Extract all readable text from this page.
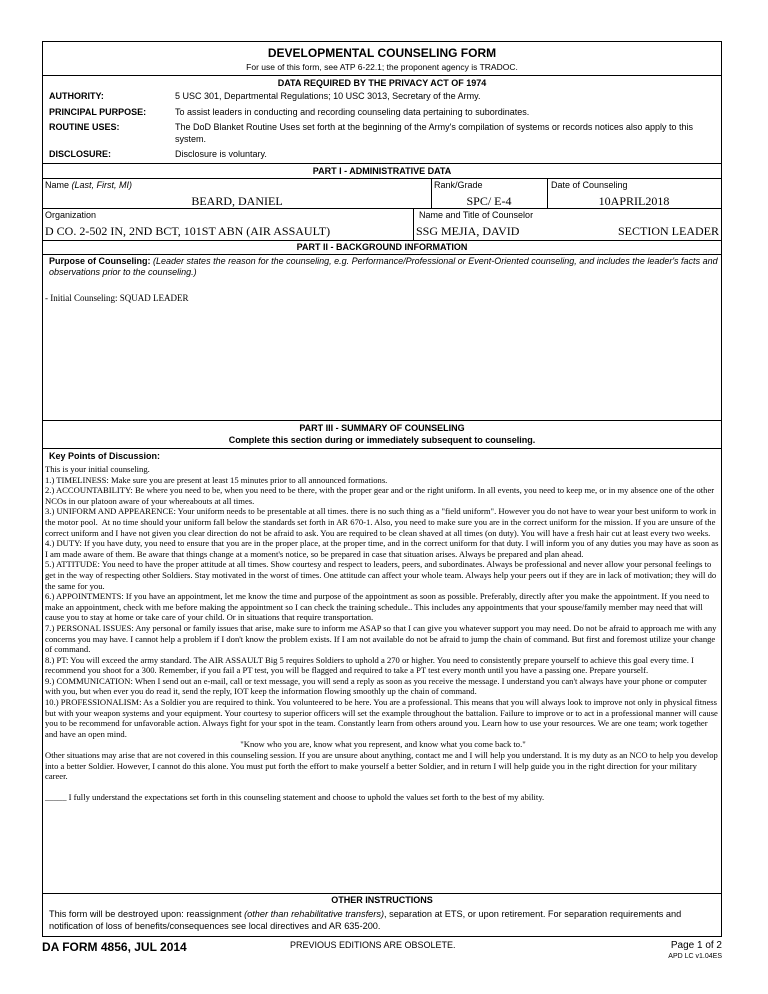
DEVELOPMENTAL COUNSELING FORM
For use of this form, see ATP 6-22.1; the proponent agency is TRADOC.
DATA REQUIRED BY THE PRIVACY ACT OF 1974
AUTHORITY:	5 USC 301, Departmental Regulations; 10 USC 3013, Secretary of the Army.
PRINCIPAL PURPOSE:	To assist leaders in conducting and recording counseling data pertaining to subordinates.
ROUTINE USES:	The DoD Blanket Routine Uses set forth at the beginning of the Army's compilation of systems or records notices also apply to this system.
DISCLOSURE:	Disclosure is voluntary.
PART I - ADMINISTRATIVE DATA
Name (Last, First, MI)
BEARD, DANIEL
Rank/Grade
SPC/ E-4
Date of Counseling
10APRIL2018
Organization
D CO. 2-502 IN, 2ND BCT, 101ST ABN (AIR ASSAULT)
Name and Title of Counselor
SSG MEJIA, DAVID	SECTION LEADER
PART II - BACKGROUND INFORMATION
Purpose of Counseling: (Leader states the reason for the counseling, e.g. Performance/Professional or Event-Oriented counseling, and includes the leader's facts and observations prior to the counseling.)
- Initial Counseling: SQUAD LEADER
PART III - SUMMARY OF COUNSELING
Complete this section during or immediately subsequent to counseling.
Key Points of Discussion:
This is your initial counseling.
1.) TIMELINESS: Make sure you are present at least 15 minutes prior to all announced formations.
2.) ACCOUNTABILITY: Be where you need to be, when you need to be there, with the proper gear and or the right uniform. In all events, you need to keep me, or in my absence one of the other NCOs in our platoon aware of your whereabouts at all times.
3.) UNIFORM AND APPEARENCE: Your uniform needs to be presentable at all times. there is no such thing as a "field uniform". However you do not have to wear your best uniform to work in the motor pool.  At no time should your uniform fall below the standards set forth in AR 670-1. Also, you need to make sure you are in the correct uniform for the mission. If you are unsure of the correct uniform and I have not given you clear direction do not be afraid to ask. You are required to be clean shaved at all times (on duty). You will have a fresh hair cut at least every two weeks.
4.) DUTY: If you have duty, you need to ensure that you are in the proper place, at the proper time, and in the correct uniform for that duty. I will inform you of any duties you may have as soon as I am made aware of them. Be aware that things change at a moment's notice, so be prepared in case that situation arises. Always be prepared and plan ahead.
5.) ATTITUDE: You need to have the proper attitude at all times. Show courtesy and respect to leaders, peers, and subordinates. Always be professional and never allow your personal feelings to get in the way of respecting other Soldiers. Stay motivated in the worst of times. One attitude can affect your whole team. Always help your peers out if they are in lack of motivation; they will do the same for you.
6.) APPOINTMENTS: If you have an appointment, let me know the time and purpose of the appointment as soon as possible. Preferably, directly after you make the appointment. If you need to make an appointment, check with me before making the appointment so I can check the training schedule.. This includes any appointments that your spouse/family member may need that will cause you to stay at home or take care of your child. Or in situations that require transportation.
7.) PERSONAL ISSUES: Any personal or family issues that arise, make sure to inform me ASAP so that I can give you whatever support you may need. Do not be afraid to approach me with any concerns you may have. I cannot help a problem if I don't know the problem exists. If I am not available do not be afraid to jump the chain of command. But first and foremost utilize your change of command.
8.) PT: You will exceed the army standard. The AIR ASSAULT Big 5 requires Soldiers to uphold a 270 or higher. You need to consistently prepare yourself to achieve this goal every time. I recommend you shoot for a 300. Remember, if you fail a PT test, you will be flagged and required to take a PT test every month until you have a passing one. Prepare yourself.
9.) COMMUNICATION: When I send out an e-mail, call or text message, you will send a reply as soon as you receive the message. I understand you can't always have your phone or computer with you, but when ever you do read it, send the reply, IOT keep the information flowing smoothly up the chain of command.
10.) PROFESSIONALISM: As a Soldier you are required to think. You volunteered to be here. You are a professional. This means that you will always look to improve not only in physical fitness but with your weapon systems and your equipment. Your courtesy to superior officers will set the example throughout the battalion. Failure to improve or to act in a professional manner will cause you to be recommend for unfavorable action. Always fight for your spot in the team. Constantly learn from others around you. Learn how to use your resources. We are one team; work together and have an open mind.
"Know who you are, know what you represent, and know what you come back to."
Other situations may arise that are not covered in this counseling session. If you are unsure about anything, contact me and I will help you understand. It is my duty as an NCO to help you develop into a better Soldier. However, I cannot do this alone. You must put forth the effort to make yourself a better Soldier, and in return I will help guide you in the right direction for your military career.
_____ I fully understand the expectations set forth in this counseling statement and choose to uphold the values set forth to the best of my ability.
OTHER INSTRUCTIONS
This form will be destroyed upon: reassignment (other than rehabilitative transfers), separation at ETS, or upon retirement. For separation requirements and notification of loss of benefits/consequences see local directives and AR 635-200.
DA FORM 4856, JUL 2014	PREVIOUS EDITIONS ARE OBSOLETE.	Page 1 of 2
APD LC v1.04ES
